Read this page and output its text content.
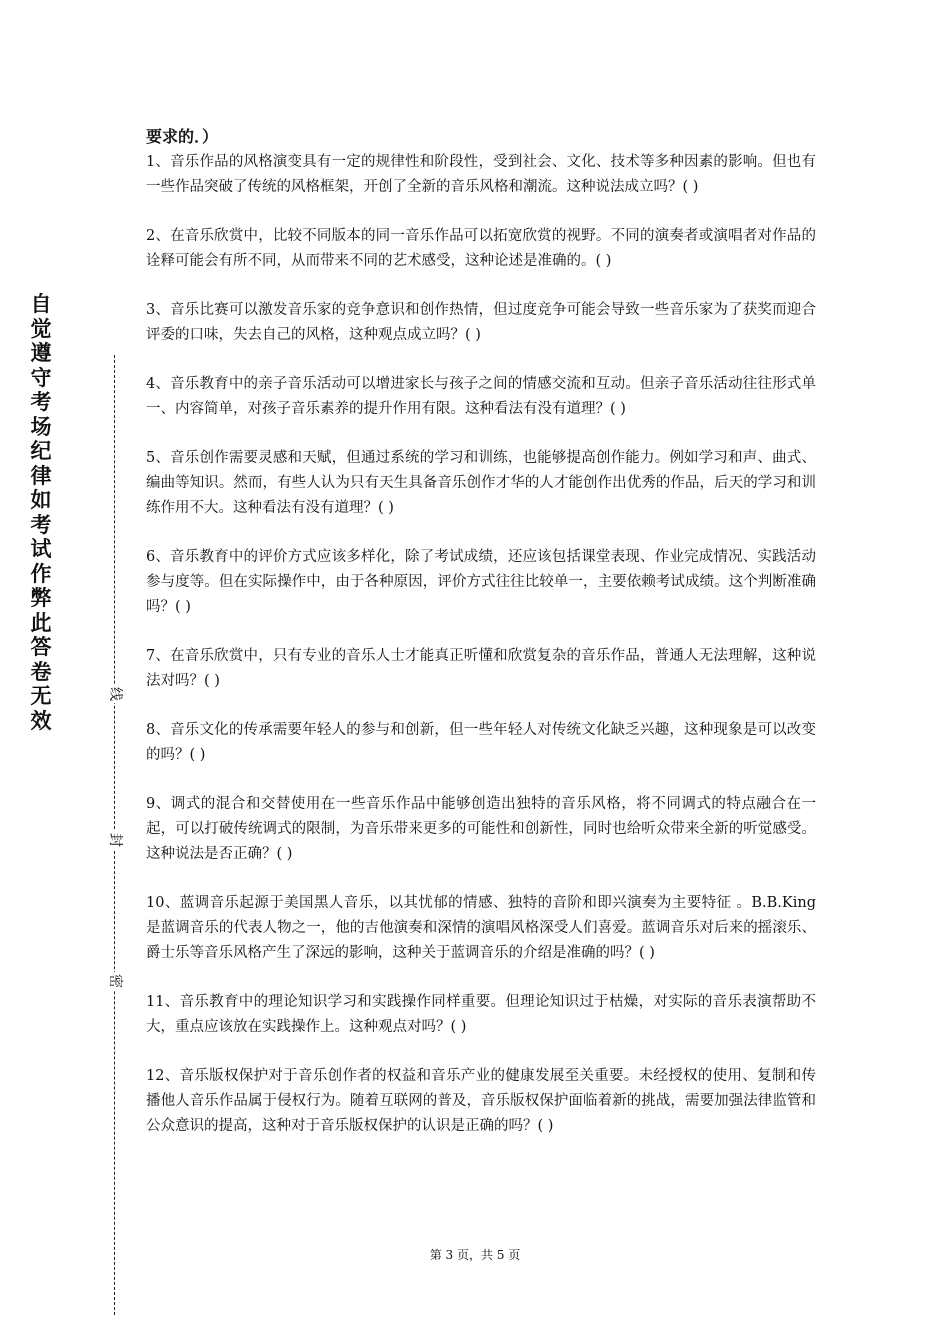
自觉遵守考场纪律如考试作弊此答卷无效
线
封
密

要求的．）

1、音乐作品的风格演变具有一定的规律性和阶段性，受到社会、文化、技术等多种因素的影响。但也有一些作品突破了传统的风格框架，开创了全新的音乐风格和潮流。这种说法成立吗？( )

2、在音乐欣赏中，比较不同版本的同一音乐作品可以拓宽欣赏的视野。不同的演奏者或演唱者对作品的诠释可能会有所不同，从而带来不同的艺术感受，这种论述是准确的。( )

3、音乐比赛可以激发音乐家的竞争意识和创作热情，但过度竞争可能会导致一些音乐家为了获奖而迎合评委的口味，失去自己的风格，这种观点成立吗？( )

4、音乐教育中的亲子音乐活动可以增进家长与孩子之间的情感交流和互动。但亲子音乐活动往往形式单一、内容简单，对孩子音乐素养的提升作用有限。这种看法有没有道理？( )

5、音乐创作需要灵感和天赋，但通过系统的学习和训练，也能够提高创作能力。例如学习和声、曲式、编曲等知识。然而，有些人认为只有天生具备音乐创作才华的人才能创作出优秀的作品，后天的学习和训练作用不大。这种看法有没有道理？( )

6、音乐教育中的评价方式应该多样化，除了考试成绩，还应该包括课堂表现、作业完成情况、实践活动参与度等。但在实际操作中，由于各种原因，评价方式往往比较单一，主要依赖考试成绩。这个判断准确吗？( )

7、在音乐欣赏中，只有专业的音乐人士才能真正听懂和欣赏复杂的音乐作品，普通人无法理解，这种说法对吗？( )

8、音乐文化的传承需要年轻人的参与和创新，但一些年轻人对传统文化缺乏兴趣，这种现象是可以改变的吗？( )

9、调式的混合和交替使用在一些音乐作品中能够创造出独特的音乐风格，将不同调式的特点融合在一起，可以打破传统调式的限制，为音乐带来更多的可能性和创新性，同时也给听众带来全新的听觉感受。这种说法是否正确？( )

10、蓝调音乐起源于美国黑人音乐，以其忧郁的情感、独特的音阶和即兴演奏为主要特征 。B.B.King 是蓝调音乐的代表人物之一，他的吉他演奏和深情的演唱风格深受人们喜爱。蓝调音乐对后来的摇滚乐、爵士乐等音乐风格产生了深远的影响，这种关于蓝调音乐的介绍是准确的吗？( )

11、音乐教育中的理论知识学习和实践操作同样重要。但理论知识过于枯燥，对实际的音乐表演帮助不大，重点应该放在实践操作上。这种观点对吗？( )

12、音乐版权保护对于音乐创作者的权益和音乐产业的健康发展至关重要。未经授权的使用、复制和传播他人音乐作品属于侵权行为。随着互联网的普及，音乐版权保护面临着新的挑战，需要加强法律监管和公众意识的提高，这种对于音乐版权保护的认识是正确的吗？( )

第 3 页，共 5 页
